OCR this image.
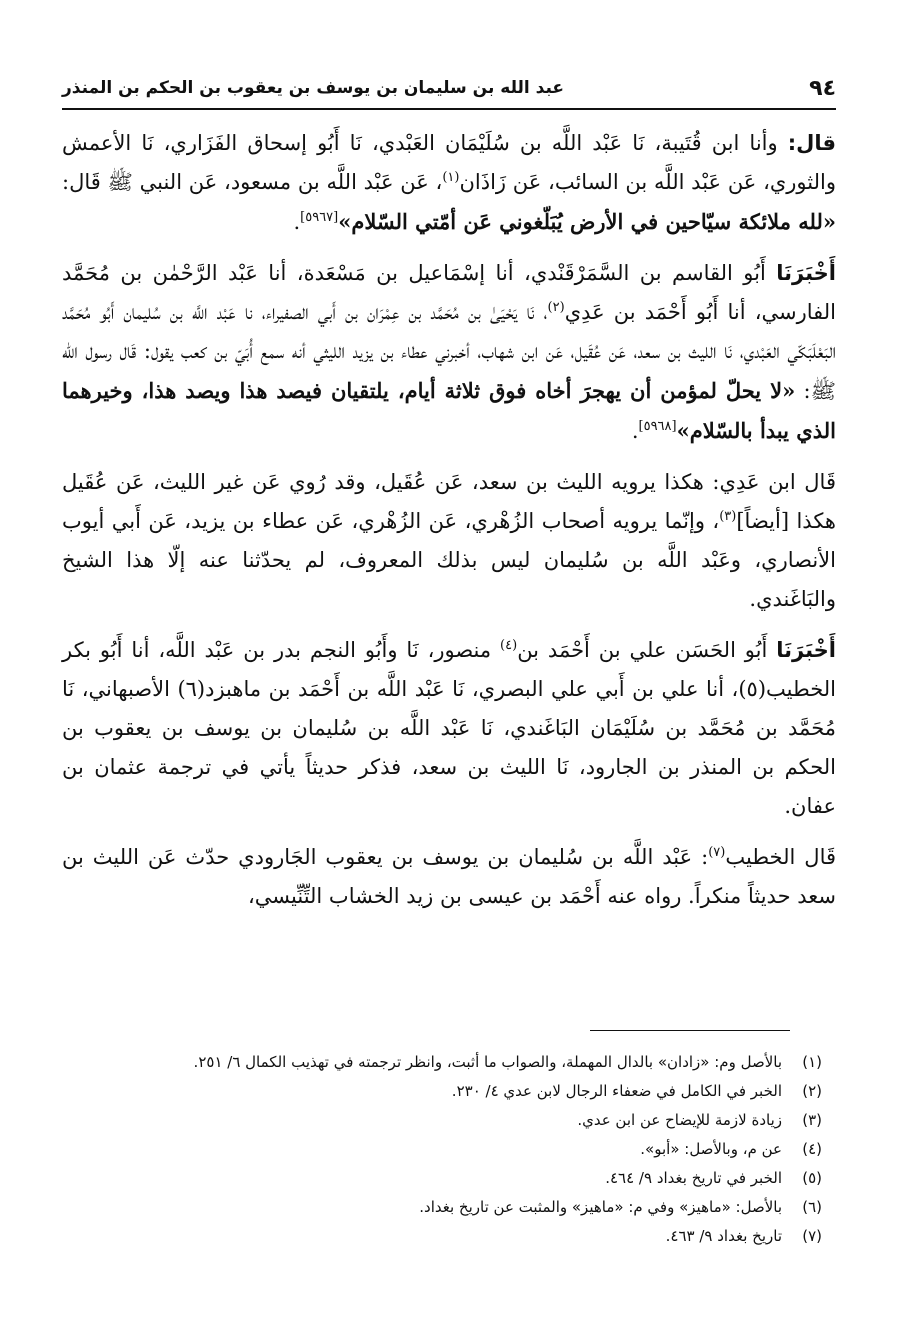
٩٤
عبد الله بن سليمان بن يوسف بن يعقوب بن الحكم بن المنذر

قال: وأنا ابن قُتَيبة، نَا عَبْد اللَّه بن سُلَيْمَان العَبْدي، نَا أَبُو إسحاق الفَزَاري، نَا الأعمش والثوري، عَن عَبْد اللَّه بن السائب، عَن زَاذَان$^{(١)}$، عَن عَبْد اللَّه بن مسعود، عَن النبي ﷺ قَال: «لله ملائكة سيّاحين في الأرض يُبَلّغوني عَن أمّتي السّلام»[٥٩٦٧].

أَخْبَرَنَا أَبُو القاسم بن السَّمَرْقَنْدي، أنا إسْمَاعيل بن مَسْعَدة، أنا عَبْد الرَّحْمٰن بن مُحَمَّد الفارسي، أنا أَبُو أَحْمَد بن عَدِي$^{(٢)}$، نَا يَحْيَىٰ بن مُحَمَّد بن عِمْرَان بن أَبي الصفيراء، نا عَبْد اللَّه بن سُليمان أَبُو مُحَمَّد البَعْلَبَكّي العَبْدي، نَا الليث بن سعد، عَن عُقَيل، عَن ابن شهاب، أخبرني عطاء بن يزيد الليثي أنه سمع أُبَيّ بن كعب يقول: قَال رسول الله ﷺ: «لا يحلّ لمؤمن أن يهجرَ أخاه فوق ثلاثة أيام، يلتقيان فيصد هذا ويصد هذا، وخيرهما الذي يبدأ بالسّلام»[٥٩٦٨].

قَال ابن عَدِي: هكذا يرويه الليث بن سعد، عَن عُقَيل، وقد رُوي عَن غير الليث، عَن عُقَيل هكذا [أيضاً]$^{(٣)}$، وإنّما يرويه أصحاب الزُهْري، عَن الزُهْري، عَن عطاء بن يزيد، عَن أَبي أيوب الأنصاري، وعَبْد اللَّه بن سُليمان ليس بذلك المعروف، لم يحدّثنا عنه إلّا هذا الشيخ والبَاغَندي.

أَخْبَرَنَا أَبُو الحَسَن علي بن أَحْمَد بن$^{(٤)}$ منصور، نَا وأَبُو النجم بدر بن عَبْد اللَّه، أنا أَبُو بكر الخطيب(٥)، أنا علي بن أَبي علي البصري، نَا عَبْد اللَّه بن أَحْمَد بن ماهبزد(٦) الأصبهاني، نَا مُحَمَّد بن مُحَمَّد بن سُلَيْمَان البَاغَندي، نَا عَبْد اللَّه بن سُليمان بن يوسف بن يعقوب بن الحكم بن المنذر بن الجارود، نَا الليث بن سعد، فذكر حديثاً يأتي في ترجمة عثمان بن عفان.

قَال الخطيب$^{(٧)}$: عَبْد اللَّه بن سُليمان بن يوسف بن يعقوب الجَارودي حدّث عَن الليث بن سعد حديثاً منكراً. رواه عنه أَحْمَد بن عيسى بن زيد الخشاب التِّنِّيسي،

(١)
بالأصل وم: «زادان» بالدال المهملة، والصواب ما أثبت، وانظر ترجمته في تهذيب الكمال ٦/ ٢٥١.
(٢)
الخبر في الكامل في ضعفاء الرجال لابن عدي ٤/ ٢٣٠.
(٣)
زيادة لازمة للإيضاح عن ابن عدي.
(٤)
عن م، وبالأصل: «أبو».
(٥)
الخبر في تاريخ بغداد ٩/ ٤٦٤.
(٦)
بالأصل: «ماهيز» وفي م: «ماهيز» والمثبت عن تاريخ بغداد.
(٧)
تاريخ بغداد ٩/ ٤٦٣.
